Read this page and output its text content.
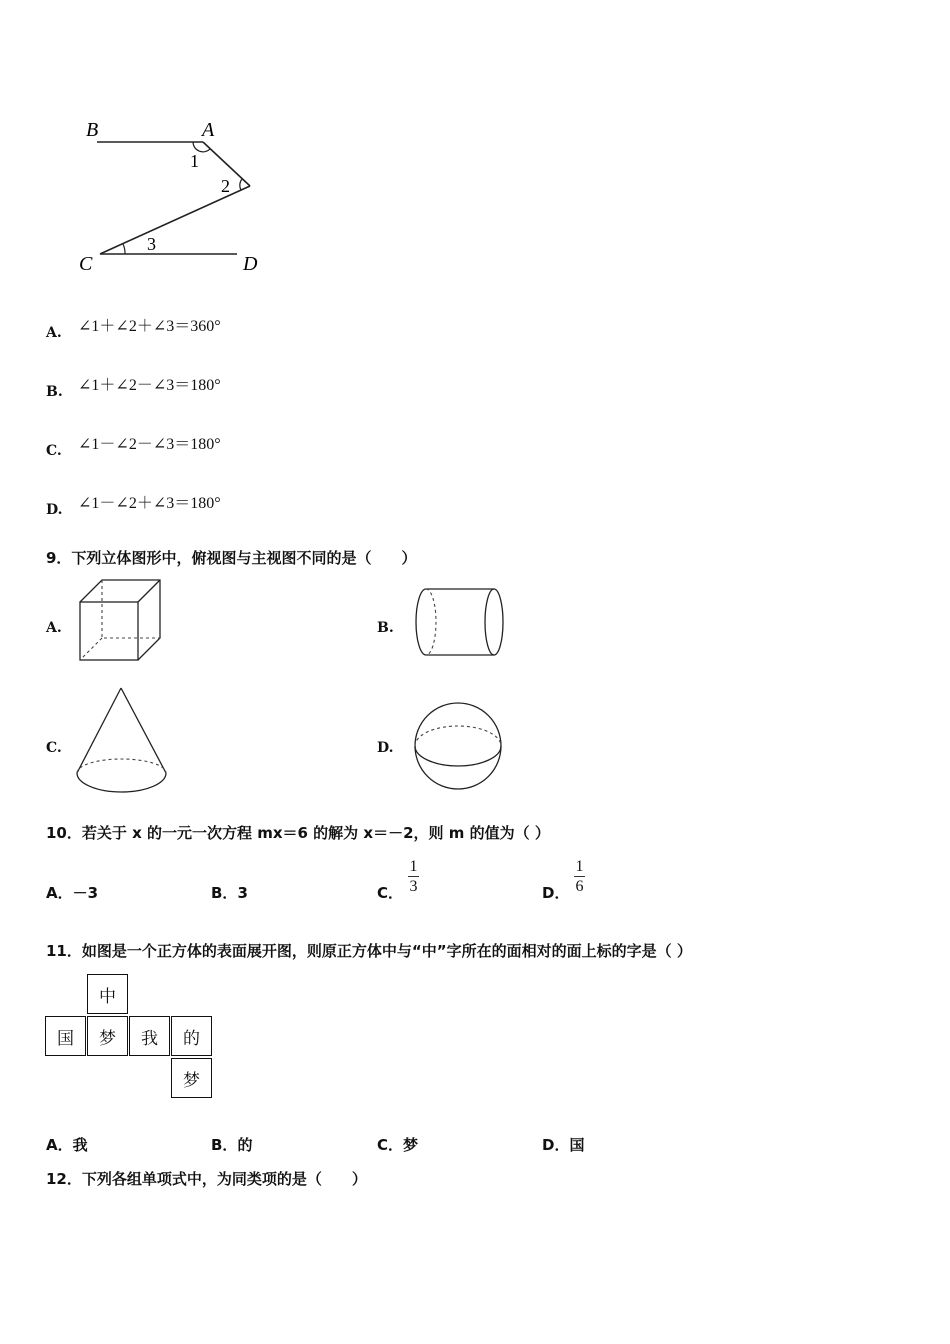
B	A
C	D
1
2
3
A. ∠1＋∠2＋∠3＝360°
B. ∠1＋∠2－∠3＝180°
C. ∠1－∠2－∠3＝180°
D. ∠1－∠2＋∠3＝180°
9．下列立体图形中，俯视图与主视图不同的是（　　）
A.	B.
C.	D.
10．若关于 x 的一元一次方程 mx＝6 的解为 x＝－2，则 m 的值为（ ）
A．－3	B．3	C．
1
3	D．
1
6
11．如图是一个正方体的表面展开图，则原正方体中与“中”字所在的面相对的面上标的字是（ ）
中
国	梦	我	的
梦
A．我	B．的	C．梦	D．国
12．下列各组单项式中，为同类项的是（　　）
